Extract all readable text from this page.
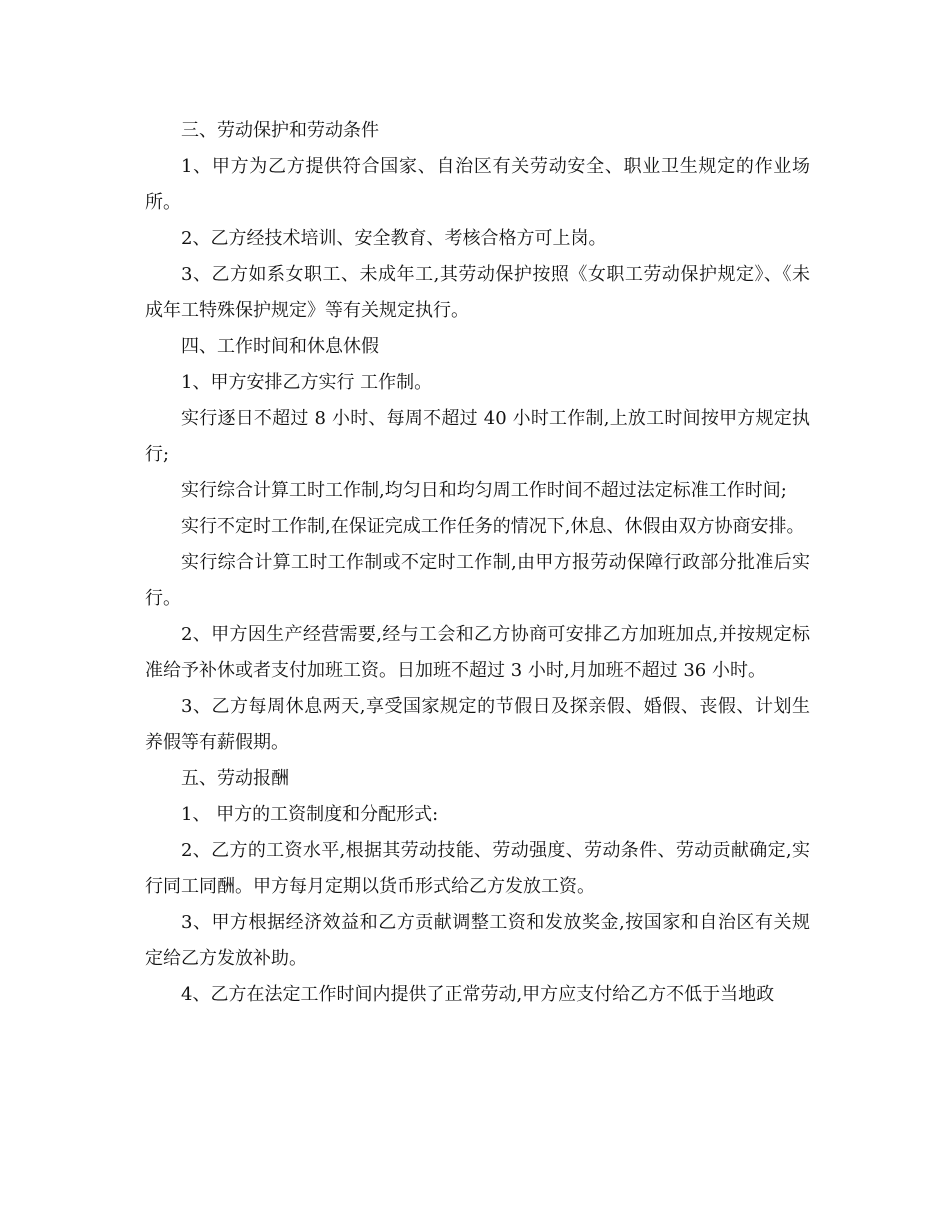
三、劳动保护和劳动条件

1、甲方为乙方提供符合国家、自治区有关劳动安全、职业卫生规定的作业场所。

2、乙方经技术培训、安全教育、考核合格方可上岗。

3、乙方如系女职工、未成年工,其劳动保护按照《女职工劳动保护规定》、《未成年工特殊保护规定》等有关规定执行。

四、工作时间和休息休假

1、甲方安排乙方实行 工作制。

实行逐日不超过 8 小时、每周不超过 40 小时工作制,上放工时间按甲方规定执行;

实行综合计算工时工作制,均匀日和均匀周工作时间不超过法定标准工作时间;

实行不定时工作制,在保证完成工作任务的情况下,休息、休假由双方协商安排。

实行综合计算工时工作制或不定时工作制,由甲方报劳动保障行政部分批准后实行。

2、甲方因生产经营需要,经与工会和乙方协商可安排乙方加班加点,并按规定标准给予补休或者支付加班工资。日加班不超过 3 小时,月加班不超过 36 小时。

3、乙方每周休息两天,享受国家规定的节假日及探亲假、婚假、丧假、计划生养假等有薪假期。

五、劳动报酬

1、 甲方的工资制度和分配形式:

2、乙方的工资水平,根据其劳动技能、劳动强度、劳动条件、劳动贡献确定,实行同工同酬。甲方每月定期以货币形式给乙方发放工资。

3、甲方根据经济效益和乙方贡献调整工资和发放奖金,按国家和自治区有关规定给乙方发放补助。

4、乙方在法定工作时间内提供了正常劳动,甲方应支付给乙方不低于当地政
